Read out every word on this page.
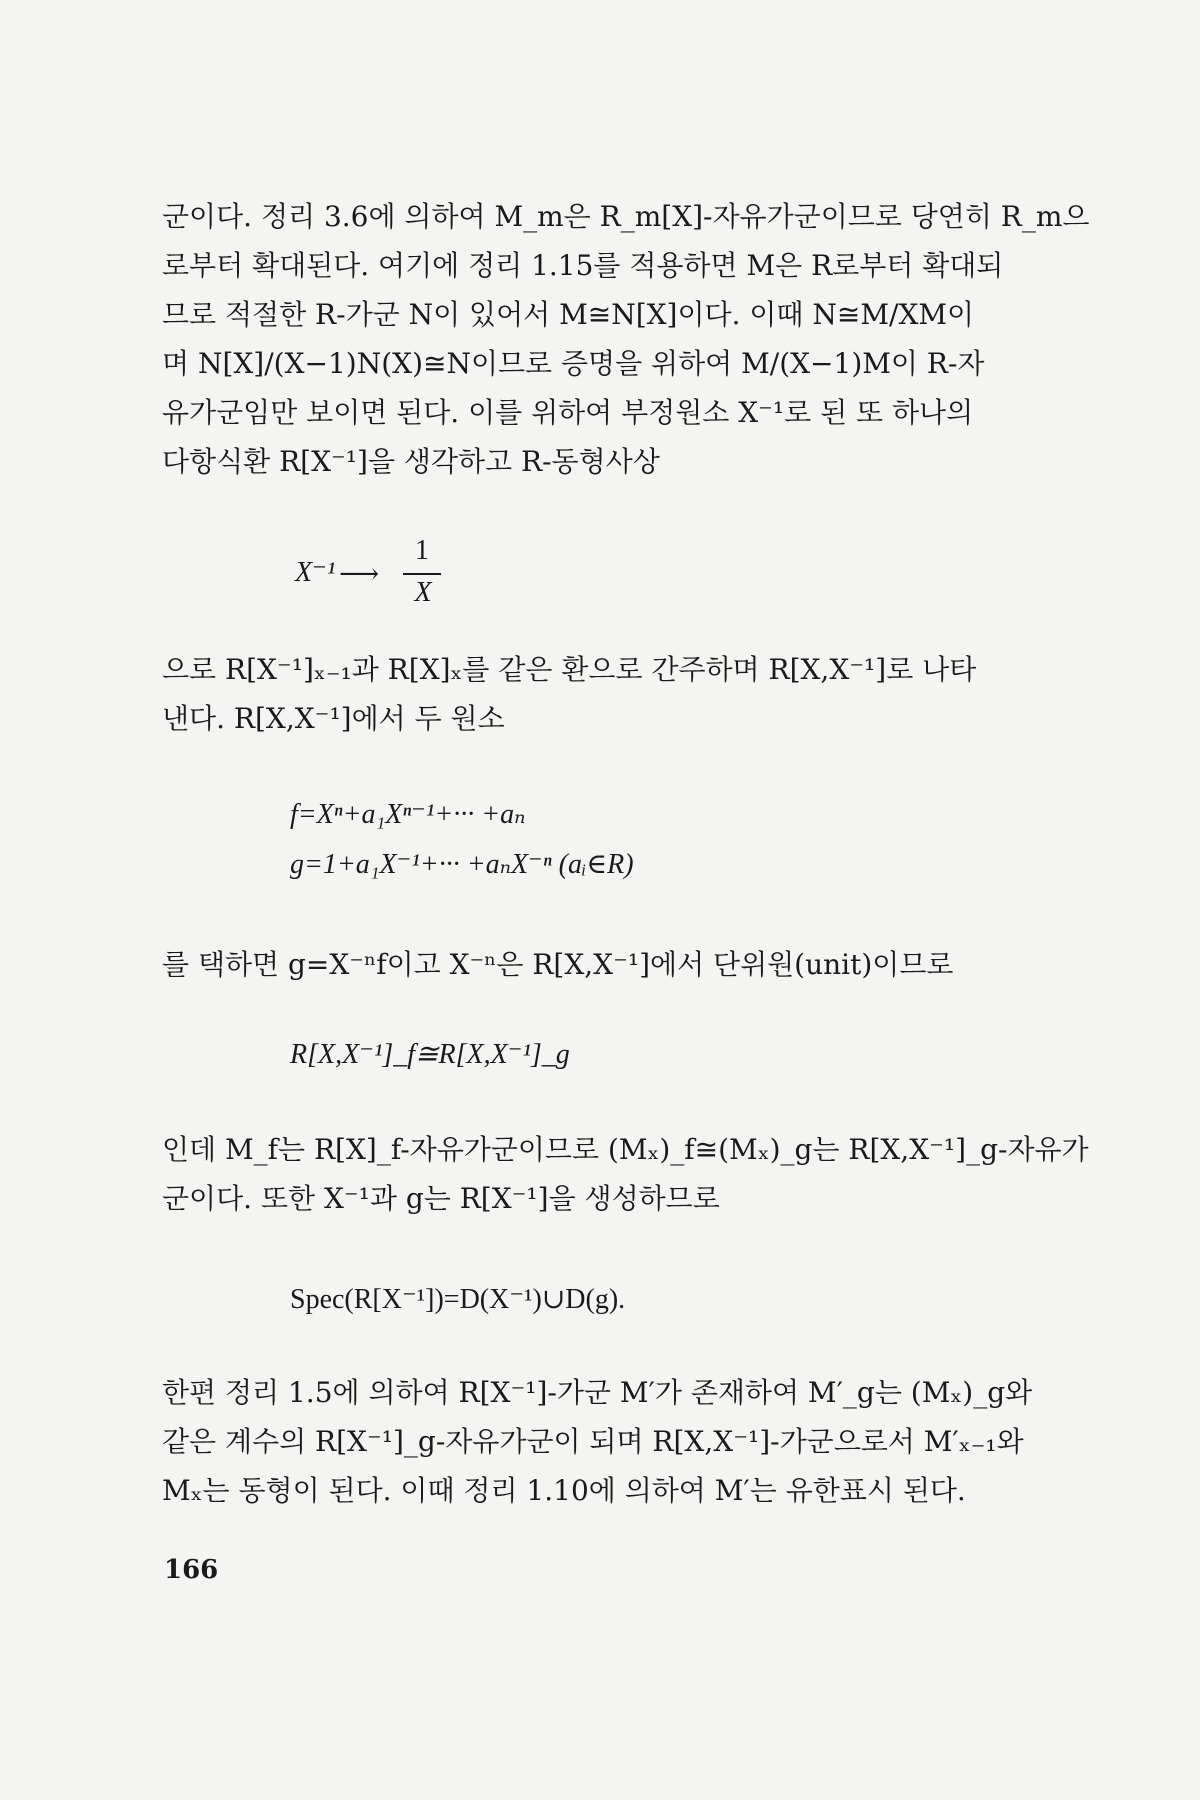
군이다. 정리 3.6에 의하여 M_m은 R_m[X]-자유가군이므로 당연히 R_m으
로부터 확대된다. 여기에 정리 1.15를 적용하면 M은 R로부터 확대되
므로 적절한 R-가군 N이 있어서 M≅N[X]이다. 이때 N≅M/XM이
며 N[X]/(X−1)N(X)≅N이므로 증명을 위하여 M/(X−1)M이 R-자
유가군임만 보이면 된다. 이를 위하여 부정원소 X⁻¹로 된 또 하나의
다항식환 R[X⁻¹]을 생각하고 R-동형사상
X⁻¹ ⟶
1
X
으로 R[X⁻¹]ₓ₋₁과 R[X]ₓ를 같은 환으로 간주하며 R[X,X⁻¹]로 나타
낸다. R[X,X⁻¹]에서 두 원소
f=Xⁿ+a₁Xⁿ⁻¹+··· +aₙ
g=1+a₁X⁻¹+··· +aₙX⁻ⁿ (aᵢ∈R)
를 택하면 g=X⁻ⁿf이고 X⁻ⁿ은 R[X,X⁻¹]에서 단위원(unit)이므로
R[X,X⁻¹]_f≅R[X,X⁻¹]_g
인데 M_f는 R[X]_f-자유가군이므로 (Mₓ)_f≅(Mₓ)_g는 R[X,X⁻¹]_g-자유가
군이다. 또한 X⁻¹과 g는 R[X⁻¹]을 생성하므로
Spec(R[X⁻¹])=D(X⁻¹)∪D(g).
한편 정리 1.5에 의하여 R[X⁻¹]-가군 M′가 존재하여 M′_g는 (Mₓ)_g와
같은 계수의 R[X⁻¹]_g-자유가군이 되며 R[X,X⁻¹]-가군으로서 M′ₓ₋₁와
Mₓ는 동형이 된다. 이때 정리 1.10에 의하여 M′는 유한표시 된다.
166
